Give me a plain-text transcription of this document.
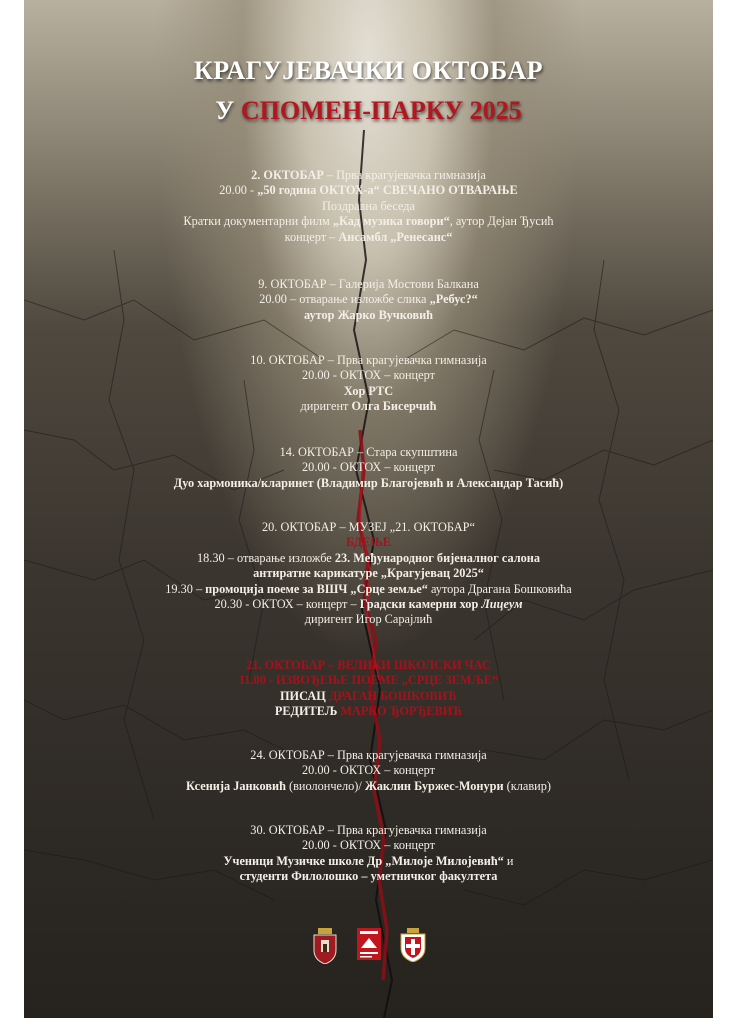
КРАГУЈЕВАЧКИ ОКТОБАР
У СПОМЕН-ПАРКУ 2025
2. ОКТОБАР – Прва крагујевачка гимназија
20.00 - „50 година ОКТОХ-а“ СВЕЧАНО ОТВАРАЊЕ
Поздравна беседа
Кратки документарни филм „Кад музика говори“, аутор Дејан Ђусић
концерт – Ансамбл „Ренесанс“
9. ОКТОБАР – Галерија Мостови Балкана
20.00 – отварање изложбе слика „Ребус?“
аутор Жарко Вучковић
10. ОКТОБАР – Прва крагујевачка гимназија
20.00 - ОКТОХ – концерт
Хор РТС
диригент Олга Бисерчић
14. ОКТОБАР – Стара скупштина
20.00 - ОКТОХ – концерт
Дуо хармоника/кларинет (Владимир Благојевић и Александар Тасић)
20. ОКТОБАР – МУЗЕЈ „21. ОКТОБАР“
БДЕЊЕ
18.30 – отварање изложбе 23. Међународног бијеналног салона
антиратне карикатуре „Крагујевац 2025“
19.30 – промоција поеме за ВШЧ „Срце земље“ аутора Драгана Бошковића
20.30 - ОКТОХ – концерт – Градски камерни хор Лицеум
диригент Игор Сарајлић
21. ОКТОБАР – ВЕЛИКИ ШКОЛСКИ ЧАС
11.00 - ИЗВОЂЕЊЕ ПОЕМЕ „СРЦЕ ЗЕМЉЕ“
ПИСАЦ ДРАГАН БОШКОВИЋ
РЕДИТЕЉ МАРКО ЂОРЂЕВИЋ
24. ОКТОБАР – Прва крагујевачка гимназија
20.00 - ОКТОХ – концерт
Ксенија Јанковић (виолончело)/ Жаклин Буржес-Монури (клавир)
30. ОКТОБАР – Прва крагујевачка гимназија
20.00 - ОКТОХ – концерт
Ученици Музичке школе Др „Милоје Милојевић“ и
студенти Филолошко – уметничког факултета
